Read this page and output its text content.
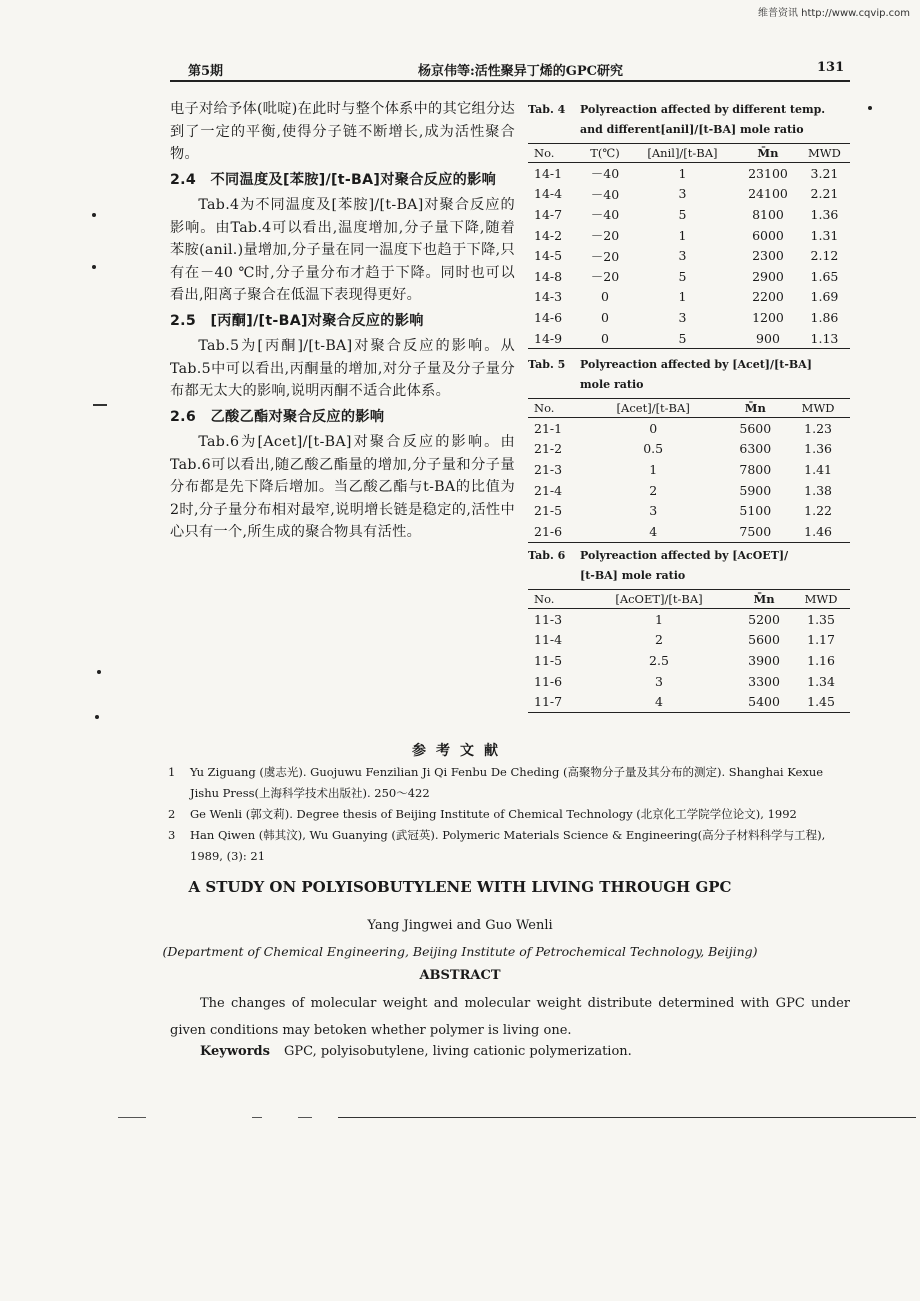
维普资讯 http://www.cqvip.com
第5期	杨京伟等:活性聚异丁烯的GPC研究	131

电子对给予体(吡啶)在此时与整个体系中的其它组分达到了一定的平衡,使得分子链不断增长,成为活性聚合物。

2.4　不同温度及[苯胺]/[t-BA]对聚合反应的影响

Tab.4为不同温度及[苯胺]/[t-BA]对聚合反应的影响。由Tab.4可以看出,温度增加,分子量下降,随着苯胺(anil.)量增加,分子量在同一温度下也趋于下降,只有在－40 ℃时,分子量分布才趋于下降。同时也可以看出,阳离子聚合在低温下表现得更好。

2.5　[丙酮]/[t-BA]对聚合反应的影响

Tab.5为[丙酮]/[t-BA]对聚合反应的影响。从Tab.5中可以看出,丙酮量的增加,对分子量及分子量分布都无太大的影响,说明丙酮不适合此体系。

2.6　乙酸乙酯对聚合反应的影响

Tab.6为[Acet]/[t-BA]对聚合反应的影响。由Tab.6可以看出,随乙酸乙酯量的增加,分子量和分子量分布都是先下降后增加。当乙酸乙酯与t-BA的比值为2时,分子量分布相对最窄,说明增长链是稳定的,活性中心只有一个,所生成的聚合物具有活性。

Tab. 4 Polyreaction affected by different temp.
and different[anil]/[t-BA] mole ratio
No.	T(℃)	[Anil]/[t-BA]	M̄n	MWD
14-1	－40	1	23100	3.21
14-4	－40	3	24100	2.21
14-7	－40	5	8100	1.36
14-2	－20	1	6000	1.31
14-5	－20	3	2300	2.12
14-8	－20	5	2900	1.65
14-3	0	1	2200	1.69
14-6	0	3	1200	1.86
14-9	0	5	900	1.13
Tab. 5 Polyreaction affected by [Acet]/[t-BA]
mole ratio
No.	[Acet]/[t-BA]	M̄n	MWD
21-1	0	5600	1.23
21-2	0.5	6300	1.36
21-3	1	7800	1.41
21-4	2	5900	1.38
21-5	3	5100	1.22
21-6	4	7500	1.46
Tab. 6 Polyreaction affected by [AcOET]/
[t-BA] mole ratio
No.	[AcOET]/[t-BA]	M̄n	MWD
11-3	1	5200	1.35
11-4	2	5600	1.17
11-5	2.5	3900	1.16
11-6	3	3300	1.34
11-7	4	5400	1.45
参考文献
1	Yu Ziguang (虞志光). Guojuwu Fenzilian Ji Qi Fenbu De Cheding (高聚物分子量及其分布的测定). Shanghai Kexue Jishu Press(上海科学技术出版社). 250～422
2	Ge Wenli (郭文莉). Degree thesis of Beijing Institute of Chemical Technology (北京化工学院学位论文), 1992
3	Han Qiwen (韩其汶), Wu Guanying (武冠英). Polymeric Materials Science & Engineering(高分子材料科学与工程), 1989, (3): 21
A STUDY ON POLYISOBUTYLENE WITH LIVING THROUGH GPC
Yang Jingwei and Guo Wenli
(Department of Chemical Engineering, Beijing Institute of Petrochemical Technology, Beijing)
ABSTRACT
The changes of molecular weight and molecular weight distribute determined with GPC under given conditions may betoken whether polymer is living one.
Keywords GPC, polyisobutylene, living cationic polymerization.
